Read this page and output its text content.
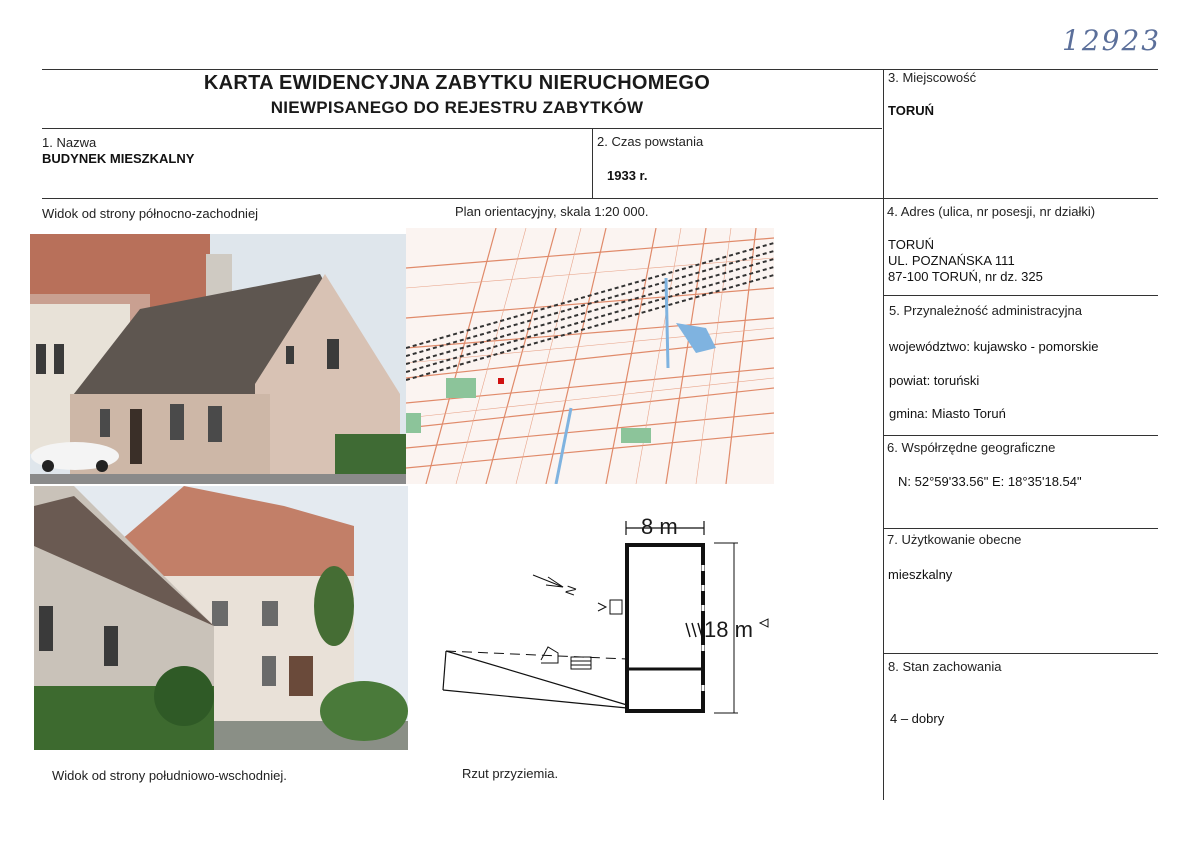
12923
KARTA EWIDENCYJNA ZABYTKU NIERUCHOMEGO
NIEWPISANEGO DO REJESTRU ZABYTKÓW
1. Nazwa
BUDYNEK MIESZKALNY
2. Czas powstania
1933 r.
3. Miejscowość
TORUŃ
4. Adres (ulica, nr posesji, nr działki)
TORUŃ
UL. POZNAŃSKA 111
87-100 TORUŃ, nr dz. 325
5. Przynależność administracyjna
województwo: kujawsko - pomorskie
powiat: toruński
gmina: Miasto Toruń
6. Współrzędne geograficzne
N: 52°59'33.56" E: 18°35'18.54"
7. Użytkowanie obecne
mieszkalny
8. Stan zachowania
4 – dobry
Widok od strony północno-zachodniej	Plan orientacyjny, skala 1:20 000.
Widok od strony południowo-wschodniej.	Rzut przyziemia.
8 m
18 m
N
